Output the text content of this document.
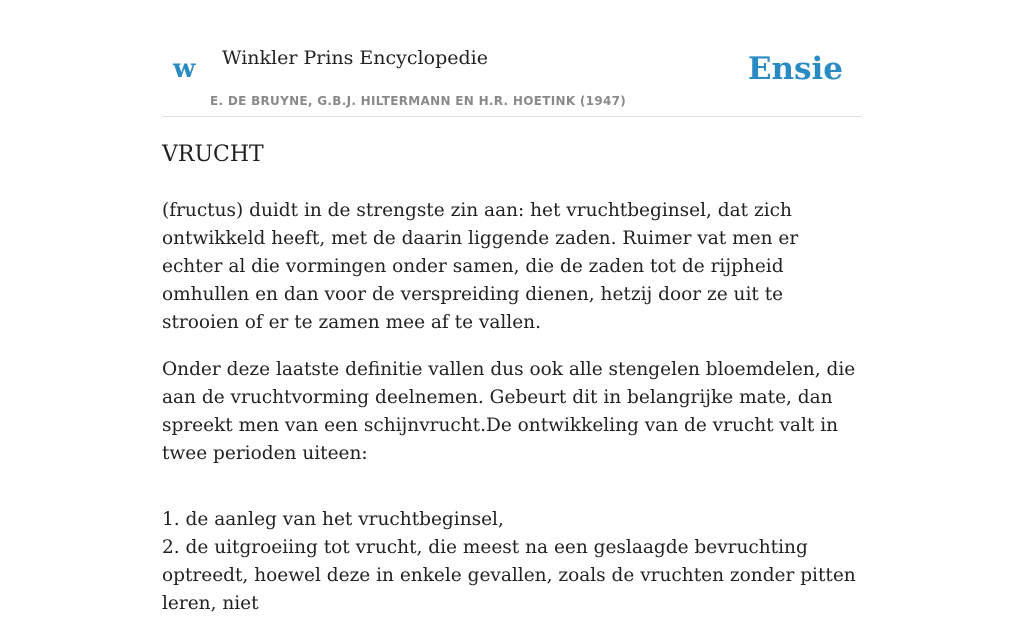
w Winkler Prins Encyclopedie
E. DE BRUYNE, G.B.J. HILTERMANN EN H.R. HOETINK (1947)
Ensie
VRUCHT

(fructus) duidt in de strengste zin aan: het vruchtbeginsel, dat zich ontwikkeld heeft, met de daarin liggende zaden. Ruimer vat men er echter al die vormingen onder samen, die de zaden tot de rijpheid omhullen en dan voor de verspreiding dienen, hetzij door ze uit te strooien of er te zamen mee af te vallen.

Onder deze laatste definitie vallen dus ook alle stengelen bloemdelen, die aan de vruchtvorming deelnemen. Gebeurt dit in belangrijke mate, dan spreekt men van een schijnvrucht.De ontwikkeling van de vrucht valt in twee perioden uiteen:

1. de aanleg van het vruchtbeginsel,
2. de uitgroeiing tot vrucht, die meest na een geslaagde bevruchting optreedt, hoewel deze in enkele gevallen, zoals de vruchten zonder pitten leren, niet
